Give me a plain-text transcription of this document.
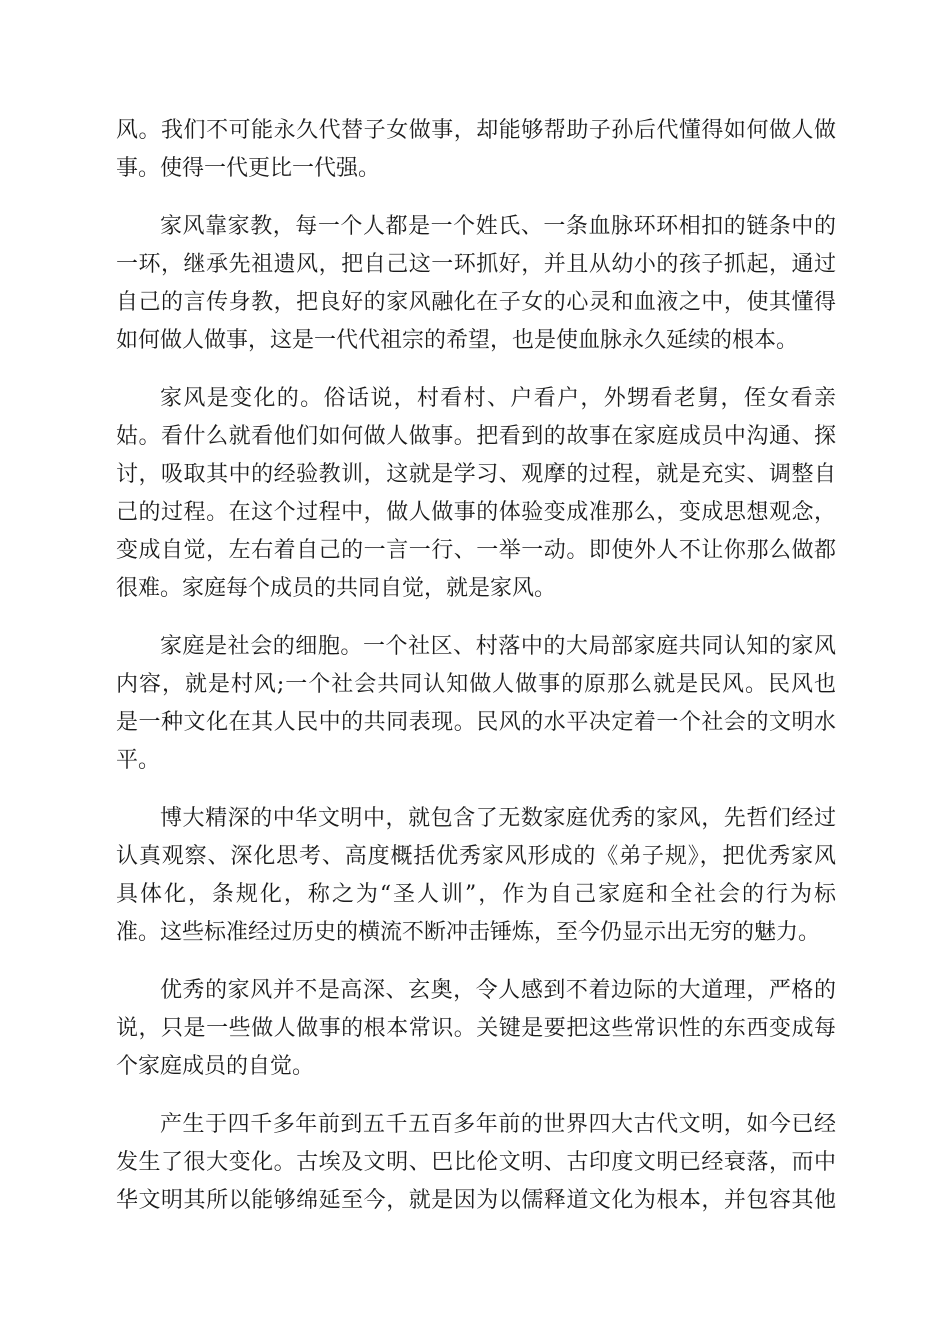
风。我们不可能永久代替子女做事，却能够帮助子孙后代懂得如何做人做
事。使得一代更比一代强。
家风靠家教，每一个人都是一个姓氏、一条血脉环环相扣的链条中的
一环，继承先祖遗风，把自己这一环抓好，并且从幼小的孩子抓起，通过
自己的言传身教，把良好的家风融化在子女的心灵和血液之中，使其懂得
如何做人做事，这是一代代祖宗的希望，也是使血脉永久延续的根本。
家风是变化的。俗话说，村看村、户看户，外甥看老舅，侄女看亲
姑。看什么就看他们如何做人做事。把看到的故事在家庭成员中沟通、探
讨，吸取其中的经验教训，这就是学习、观摩的过程，就是充实、调整自
己的过程。在这个过程中，做人做事的体验变成准那么，变成思想观念，
变成自觉，左右着自己的一言一行、一举一动。即使外人不让你那么做都
很难。家庭每个成员的共同自觉，就是家风。
家庭是社会的细胞。一个社区、村落中的大局部家庭共同认知的家风
内容，就是村风;一个社会共同认知做人做事的原那么就是民风。民风也
是一种文化在其人民中的共同表现。民风的水平决定着一个社会的文明水
平。
博大精深的中华文明中，就包含了无数家庭优秀的家风，先哲们经过
认真观察、深化思考、高度概括优秀家风形成的《弟子规》，把优秀家风
具体化，条规化，称之为“圣人训”，作为自己家庭和全社会的行为标
准。这些标准经过历史的横流不断冲击锤炼，至今仍显示出无穷的魅力。
优秀的家风并不是高深、玄奥，令人感到不着边际的大道理，严格的
说，只是一些做人做事的根本常识。关键是要把这些常识性的东西变成每
个家庭成员的自觉。
产生于四千多年前到五千五百多年前的世界四大古代文明，如今已经
发生了很大变化。古埃及文明、巴比伦文明、古印度文明已经衰落，而中
华文明其所以能够绵延至今，就是因为以儒释道文化为根本，并包容其他
